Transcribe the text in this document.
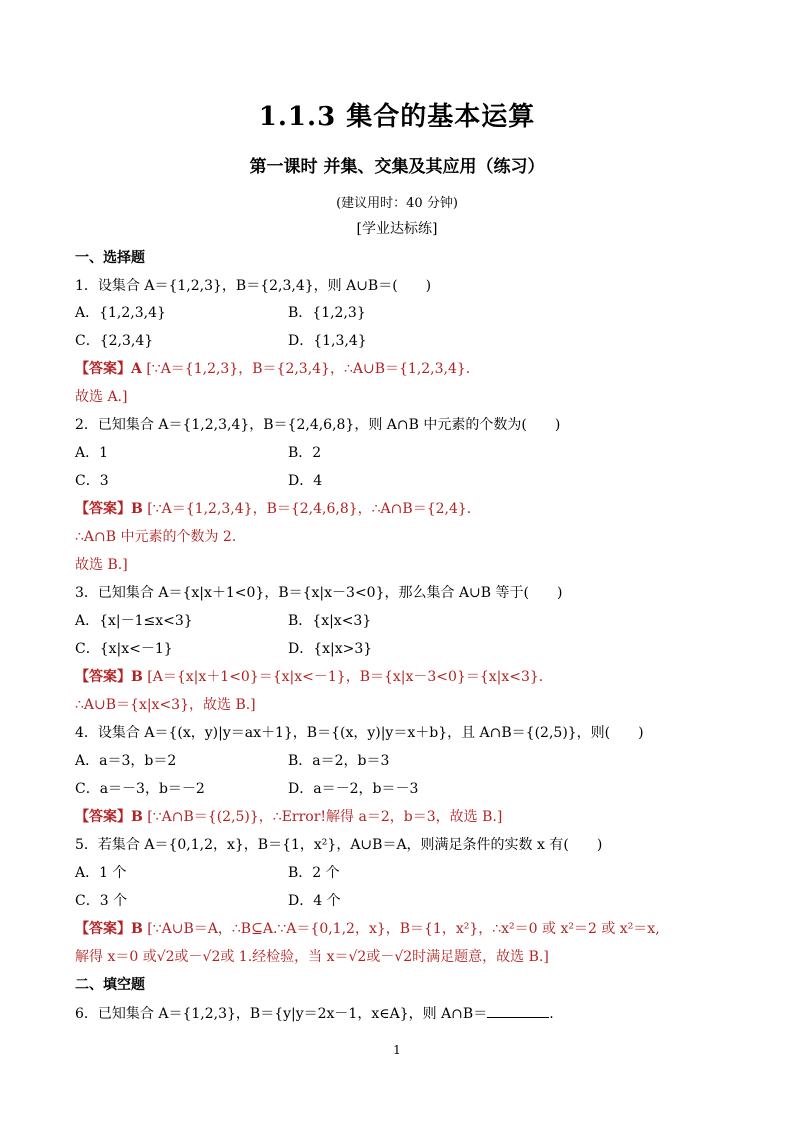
1.1.3 集合的基本运算
第一课时 并集、交集及其应用（练习）
(建议用时：40 分钟)
[学业达标练]
一、选择题
1．设集合 A＝{1,2,3}，B＝{2,3,4}，则 A∪B＝(　　)
A．{1,2,3,4}	B．{1,2,3}
C．{2,3,4}	D．{1,3,4}
【答案】A [∵A＝{1,2,3}，B＝{2,3,4}，∴A∪B＝{1,2,3,4}．
故选 A.]
2．已知集合 A＝{1,2,3,4}，B＝{2,4,6,8}，则 A∩B 中元素的个数为(　　)
A．1	B．2
C．3	D．4
【答案】B [∵A＝{1,2,3,4}，B＝{2,4,6,8}，∴A∩B＝{2,4}．
∴A∩B 中元素的个数为 2.
故选 B.]
3．已知集合 A＝{x|x＋1<0}，B＝{x|x－3<0}，那么集合 A∪B 等于(　　)
A．{x|－1≤x<3}	B．{x|x<3}
C．{x|x<－1}	D．{x|x>3}
【答案】B [A＝{x|x＋1<0}＝{x|x<－1}，B＝{x|x－3<0}＝{x|x<3}．
∴A∪B＝{x|x<3}，故选 B.]
4．设集合 A＝{(x，y)|y＝ax＋1}，B＝{(x，y)|y＝x＋b}，且 A∩B＝{(2,5)}，则(　　)
A．a＝3，b＝2	B．a＝2，b＝3
C．a＝－3，b＝－2	D．a＝－2，b＝－3
【答案】B [∵A∩B＝{(2,5)}，∴Error!解得 a＝2，b＝3，故选 B.]
5．若集合 A＝{0,1,2，x}，B＝{1，x²}，A∪B＝A，则满足条件的实数 x 有(　　)
A．1 个	B．2 个
C．3 个	D．4 个
【答案】B [∵A∪B＝A，∴B⊆A.∵A＝{0,1,2，x}，B＝{1，x²}，∴x²＝0 或 x²＝2 或 x²＝x,
解得 x＝0 或√2或－√2或 1.经检验，当 x＝√2或－√2时满足题意，故选 B.]
二、填空题
6．已知集合 A＝{1,2,3}，B＝{y|y＝2x－1，x∈A}，则 A∩B＝	.
1
